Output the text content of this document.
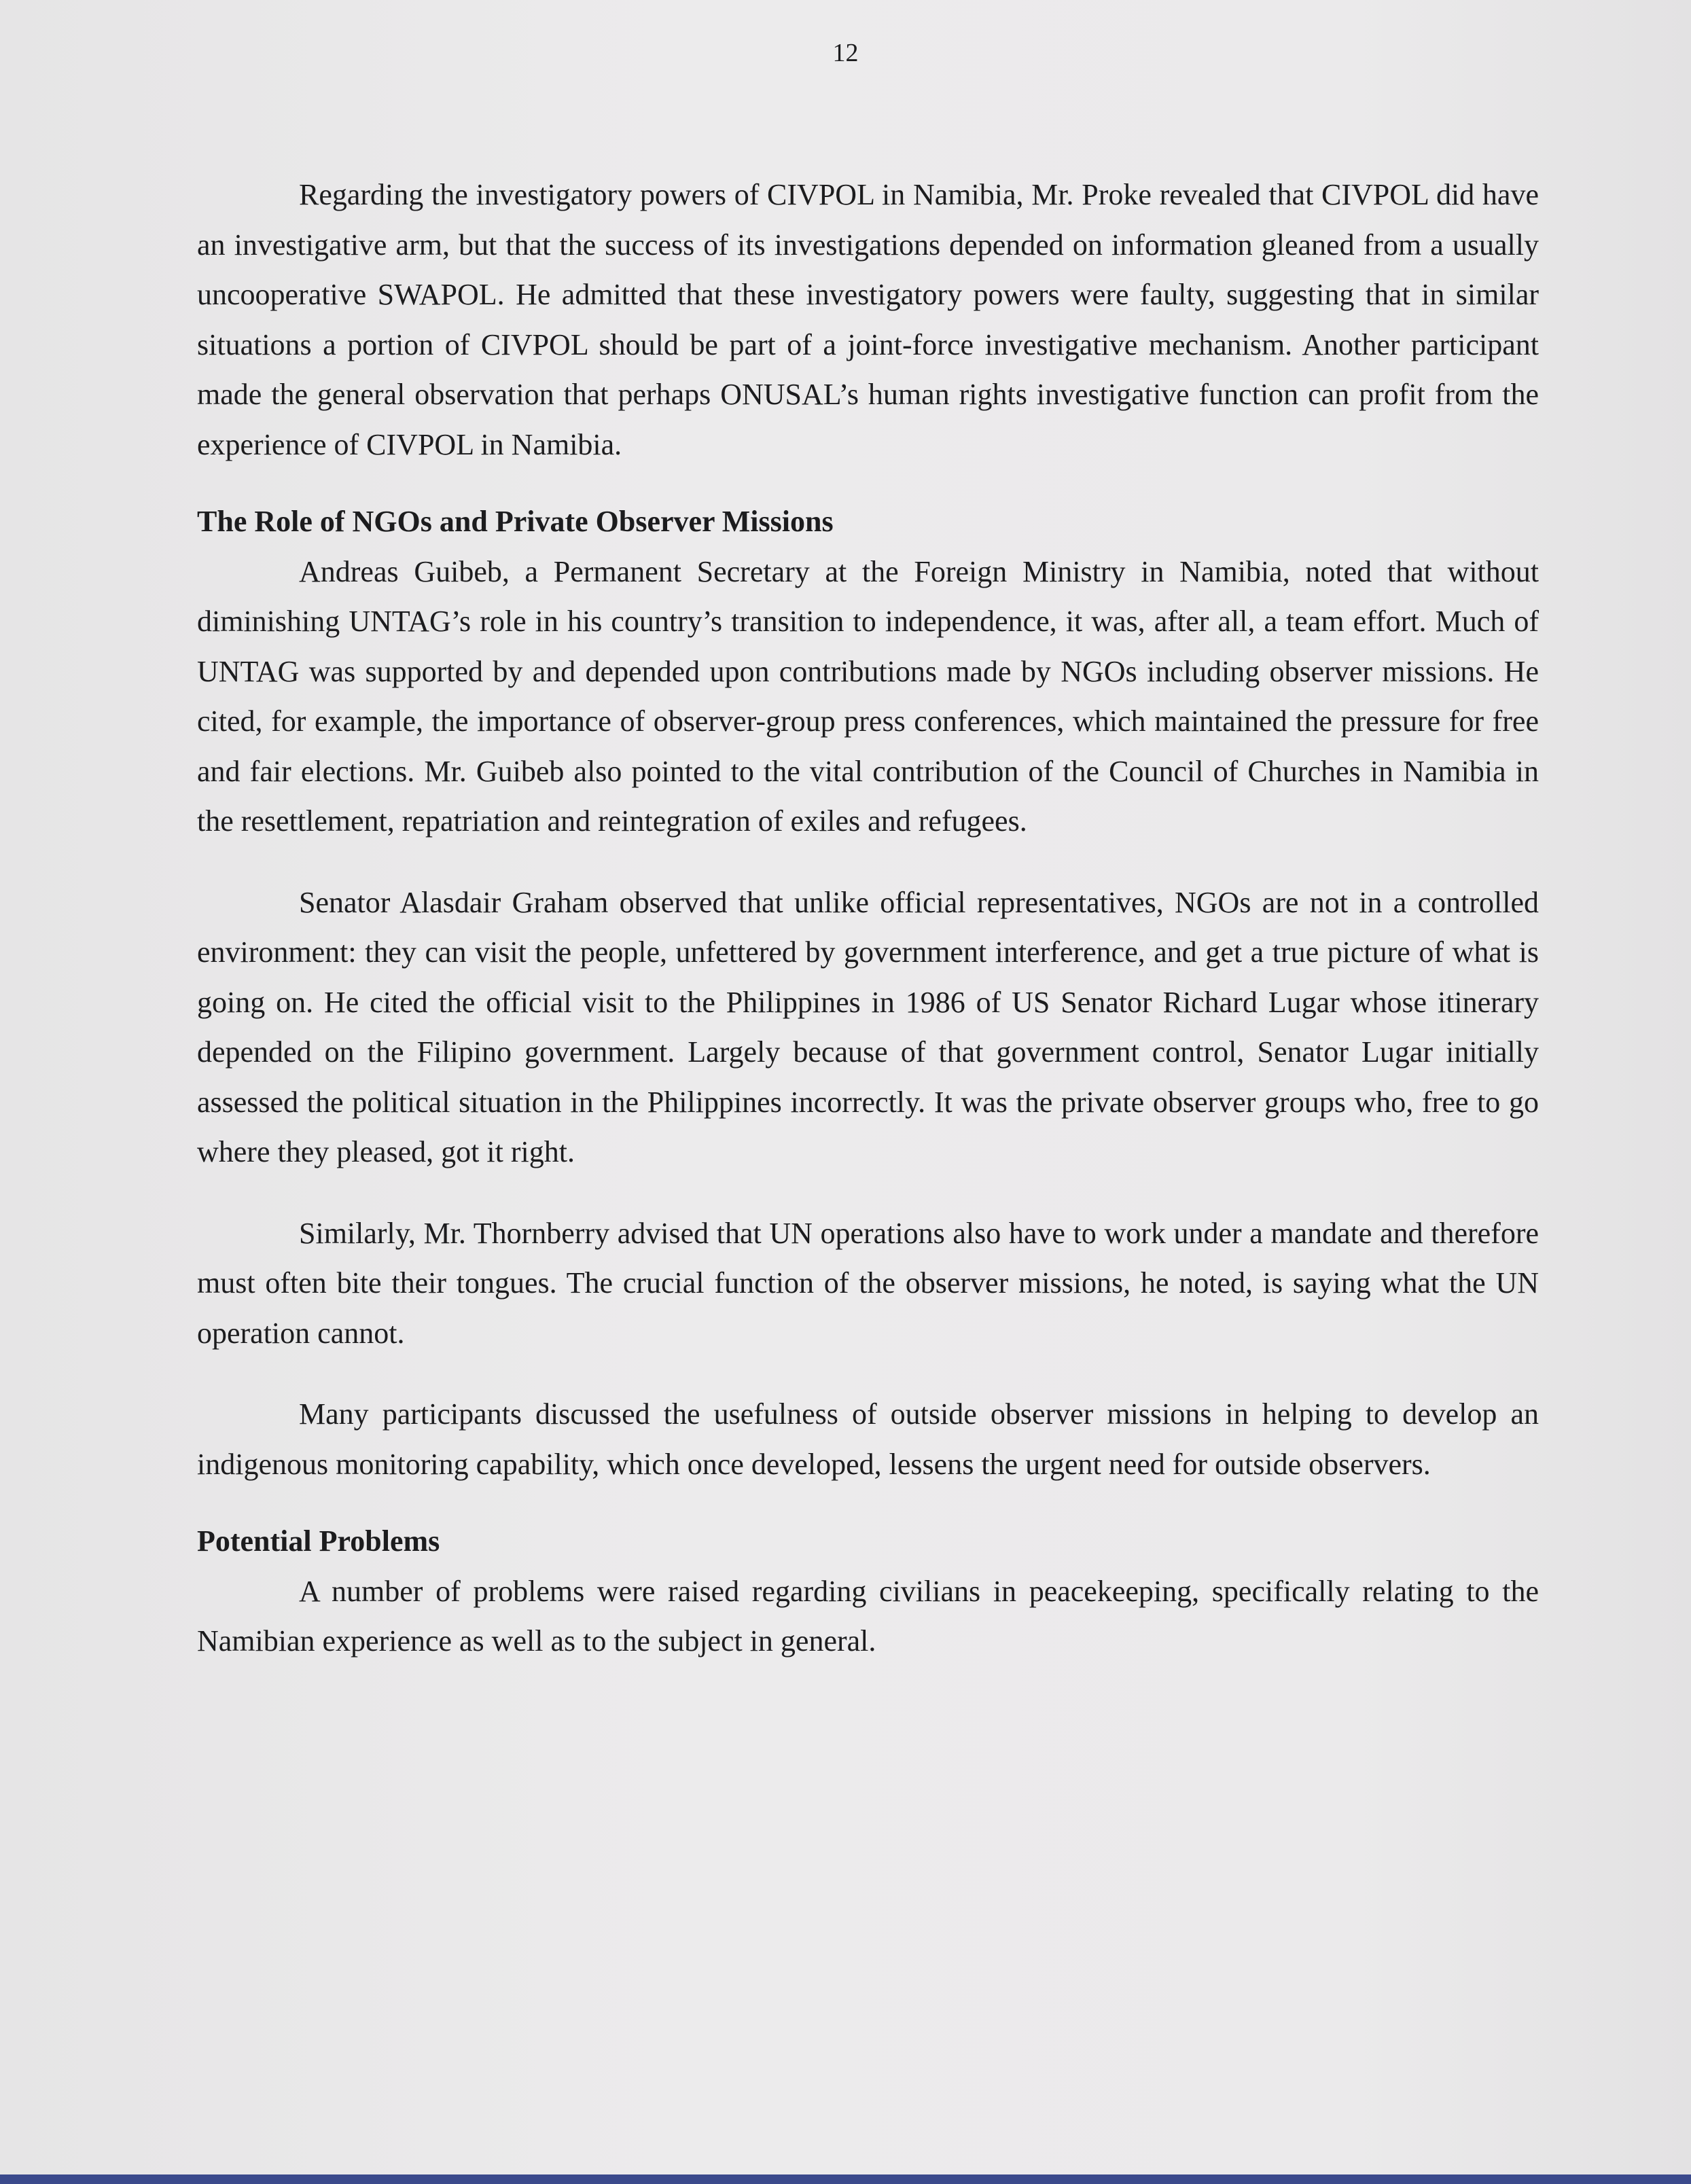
12

Regarding the investigatory powers of CIVPOL in Namibia, Mr. Proke revealed that CIVPOL did have an investigative arm, but that the success of its investigations depended on information gleaned from a usually uncooperative SWAPOL. He admitted that these investigatory powers were faulty, suggesting that in similar situations a portion of CIVPOL should be part of a joint-force investigative mechanism. Another participant made the general observation that perhaps ONUSAL’s human rights investigative function can profit from the experience of CIVPOL in Namibia.

The Role of NGOs and Private Observer Missions

Andreas Guibeb, a Permanent Secretary at the Foreign Ministry in Namibia, noted that without diminishing UNTAG’s role in his country’s transition to independence, it was, after all, a team effort. Much of UNTAG was supported by and depended upon contributions made by NGOs including observer missions. He cited, for example, the importance of observer-group press conferences, which maintained the pressure for free and fair elections. Mr. Guibeb also pointed to the vital contribution of the Council of Churches in Namibia in the resettlement, repatriation and reintegration of exiles and refugees.

Senator Alasdair Graham observed that unlike official representatives, NGOs are not in a controlled environment: they can visit the people, unfettered by government interference, and get a true picture of what is going on. He cited the official visit to the Philippines in 1986 of US Senator Richard Lugar whose itinerary depended on the Filipino government. Largely because of that government control, Senator Lugar initially assessed the political situation in the Philippines incorrectly. It was the private observer groups who, free to go where they pleased, got it right.

Similarly, Mr. Thornberry advised that UN operations also have to work under a mandate and therefore must often bite their tongues. The crucial function of the observer missions, he noted, is saying what the UN operation cannot.

Many participants discussed the usefulness of outside observer missions in helping to develop an indigenous monitoring capability, which once developed, lessens the urgent need for outside observers.

Potential Problems

A number of problems were raised regarding civilians in peacekeeping, specifically relating to the Namibian experience as well as to the subject in general.
